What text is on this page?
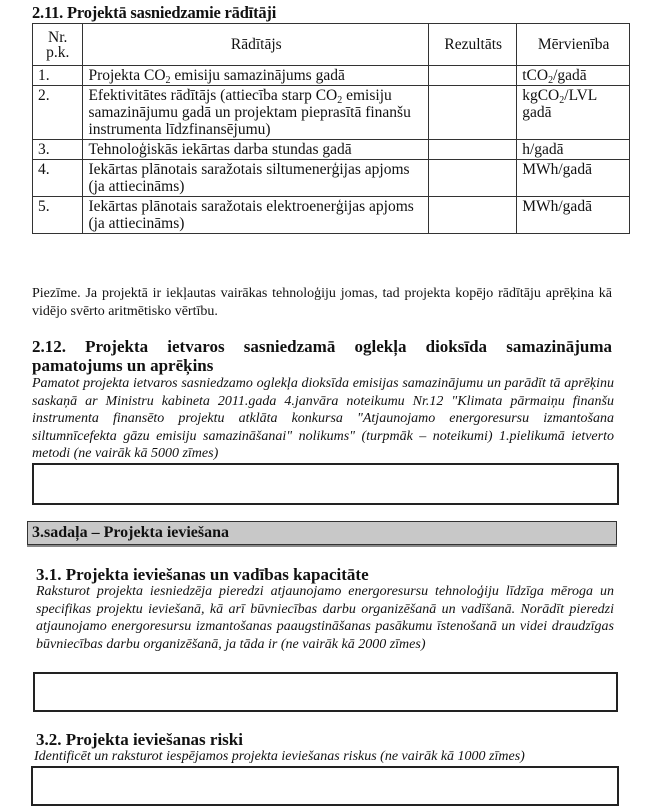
2.11. Projektā sasniedzamie rādītāji
Nr. p.k.	Rādītājs	Rezultāts	Mērvienība
1.	Projekta $CO_2$ emisiju samazinājums gadā		tCO$_2$/gadā
2.	Efektivitātes rādītājs (attiecība starp $CO_2$ emisiju samazinājumu gadā un projektam pieprasītā finanšu instrumenta līdzfinansējumu)		kgCO$_2$/LVL gadā
3.	Tehnoloģiskās iekārtas darba stundas gadā		h/gadā
4.	Iekārtas plānotais saražotais siltumenerģijas apjoms (ja attiecināms)		MWh/gadā
5.	Iekārtas plānotais saražotais elektroenerģijas apjoms (ja attiecināms)		MWh/gadā
Piezīme. Ja projektā ir iekļautas vairākas tehnoloģiju jomas, tad projekta kopējo rādītāju aprēķina kā vidējo svērto aritmētisko vērtību.
2.12. Projekta ietvaros sasniedzamā oglekļa dioksīda samazinājuma pamatojums un aprēķins
Pamatot projekta ietvaros sasniedzamo oglekļa dioksīda emisijas samazinājumu un parādīt tā aprēķinu saskaņā ar Ministru kabineta 2011.gada 4.janvāra noteikumu Nr.12 "Klimata pārmaiņu finanšu instrumenta finansēto projektu atklāta konkursa "Atjaunojamo energoresursu izmantošana siltumnīcefekta gāzu emisiju samazināšanai" nolikums" (turpmāk – noteikumi) 1.pielikumā ietverto metodi (ne vairāk kā 5000 zīmes)
3.sadaļa – Projekta ieviešana
3.1. Projekta ieviešanas un vadības kapacitāte
Raksturot projekta iesniedzēja pieredzi atjaunojamo energoresursu tehnoloģiju līdzīga mēroga un specifikas projektu ieviešanā, kā arī būvniecības darbu organizēšanā un vadīšanā. Norādīt pieredzi atjaunojamo energoresursu izmantošanas paaugstināšanas pasākumu īstenošanā un videi draudzīgas būvniecības darbu organizēšanā, ja tāda ir (ne vairāk kā 2000 zīmes)
3.2. Projekta ieviešanas riski
Identificēt un raksturot iespējamos projekta ieviešanas riskus (ne vairāk kā 1000 zīmes)
